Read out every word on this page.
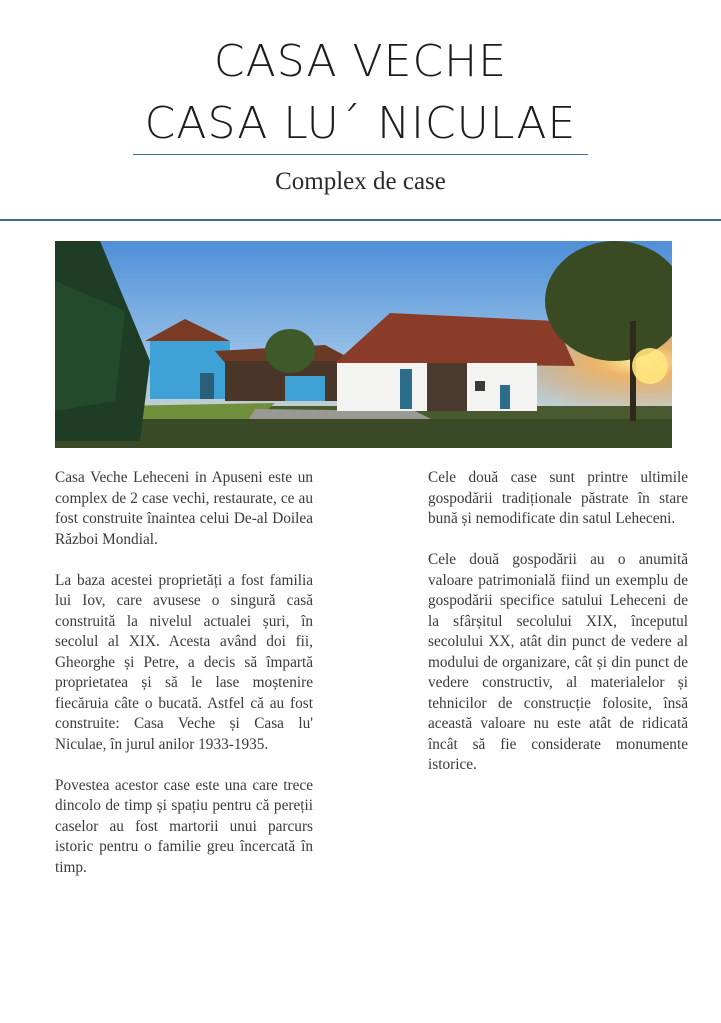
CASA VECHE
CASA LU´ NICULAE
Complex de case

Casa Veche Leheceni in Apuseni este un complex de 2 case vechi, restaurate, ce au fost construite înaintea celui De-al Doilea Război Mondial.

La baza acestei proprietăți a fost familia lui Iov, care avusese o singură casă construită la nivelul actualei șuri, în secolul al XIX. Acesta având doi fii, Gheorghe și Petre, a decis să împartă proprietatea și să le lase moștenire fiecăruia câte o bucată. Astfel că au fost construite: Casa Veche și Casa lu' Niculae, în jurul anilor 1933-1935.

Povestea acestor case este una care trece dincolo de timp și spațiu pentru că pereții caselor au fost martorii unui parcurs istoric pentru o familie greu încercată în timp.

Cele două case sunt printre ultimile gospodării tradiționale păstrate în stare bună și nemodificate din satul Leheceni.

Cele două gospodării au o anumită valoare patrimonială fiind un exemplu de gospodării specifice satului Leheceni de la sfârșitul secolului XIX, începutul secolului XX, atât din punct de vedere al modului de organizare, cât și din punct de vedere constructiv, al materialelor și tehnicilor de construcție folosite, însă această valoare nu este atât de ridicată încât să fie considerate monumente istorice.
